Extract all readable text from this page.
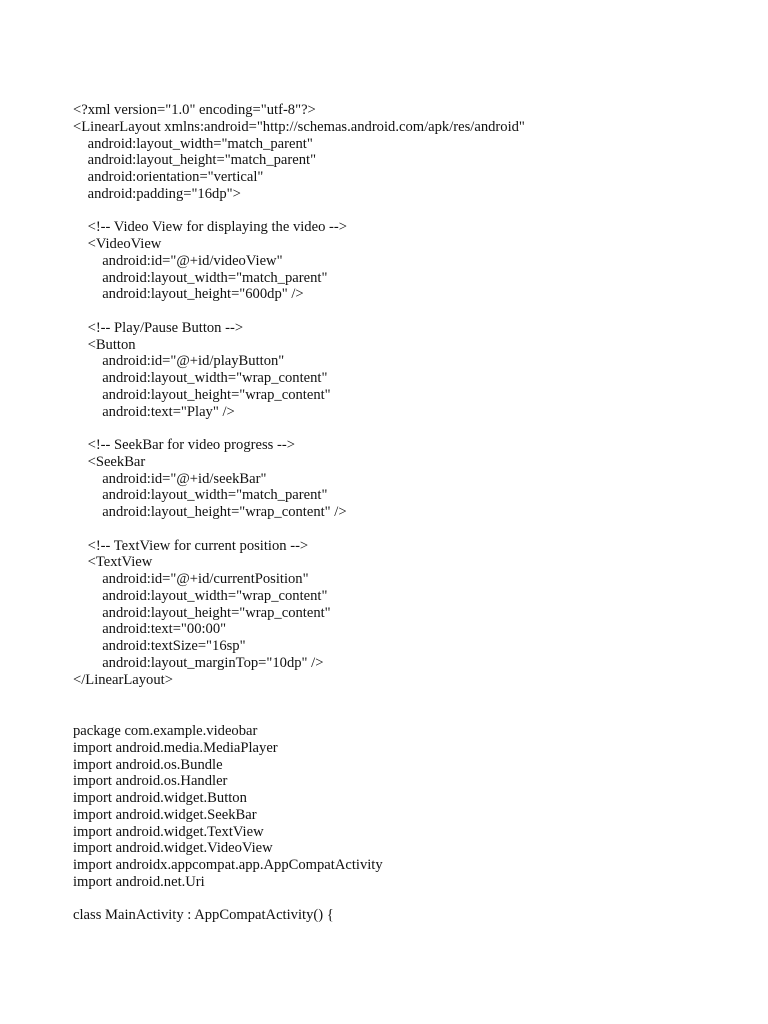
<?xml version="1.0" encoding="utf-8"?>
<LinearLayout xmlns:android="http://schemas.android.com/apk/res/android"
android:layout_width="match_parent"
android:layout_height="match_parent"
android:orientation="vertical"
android:padding="16dp">
<!-- Video View for displaying the video -->
<VideoView
android:id="@+id/videoView"
android:layout_width="match_parent"
android:layout_height="600dp" />
<!-- Play/Pause Button -->
<Button
android:id="@+id/playButton"
android:layout_width="wrap_content"
android:layout_height="wrap_content"
android:text="Play" />
<!-- SeekBar for video progress -->
<SeekBar
android:id="@+id/seekBar"
android:layout_width="match_parent"
android:layout_height="wrap_content" />
<!-- TextView for current position -->
<TextView
android:id="@+id/currentPosition"
android:layout_width="wrap_content"
android:layout_height="wrap_content"
android:text="00:00"
android:textSize="16sp"
android:layout_marginTop="10dp" />
</LinearLayout>
package com.example.videobar
import android.media.MediaPlayer
import android.os.Bundle
import android.os.Handler
import android.widget.Button
import android.widget.SeekBar
import android.widget.TextView
import android.widget.VideoView
import androidx.appcompat.app.AppCompatActivity
import android.net.Uri
class MainActivity : AppCompatActivity() {
